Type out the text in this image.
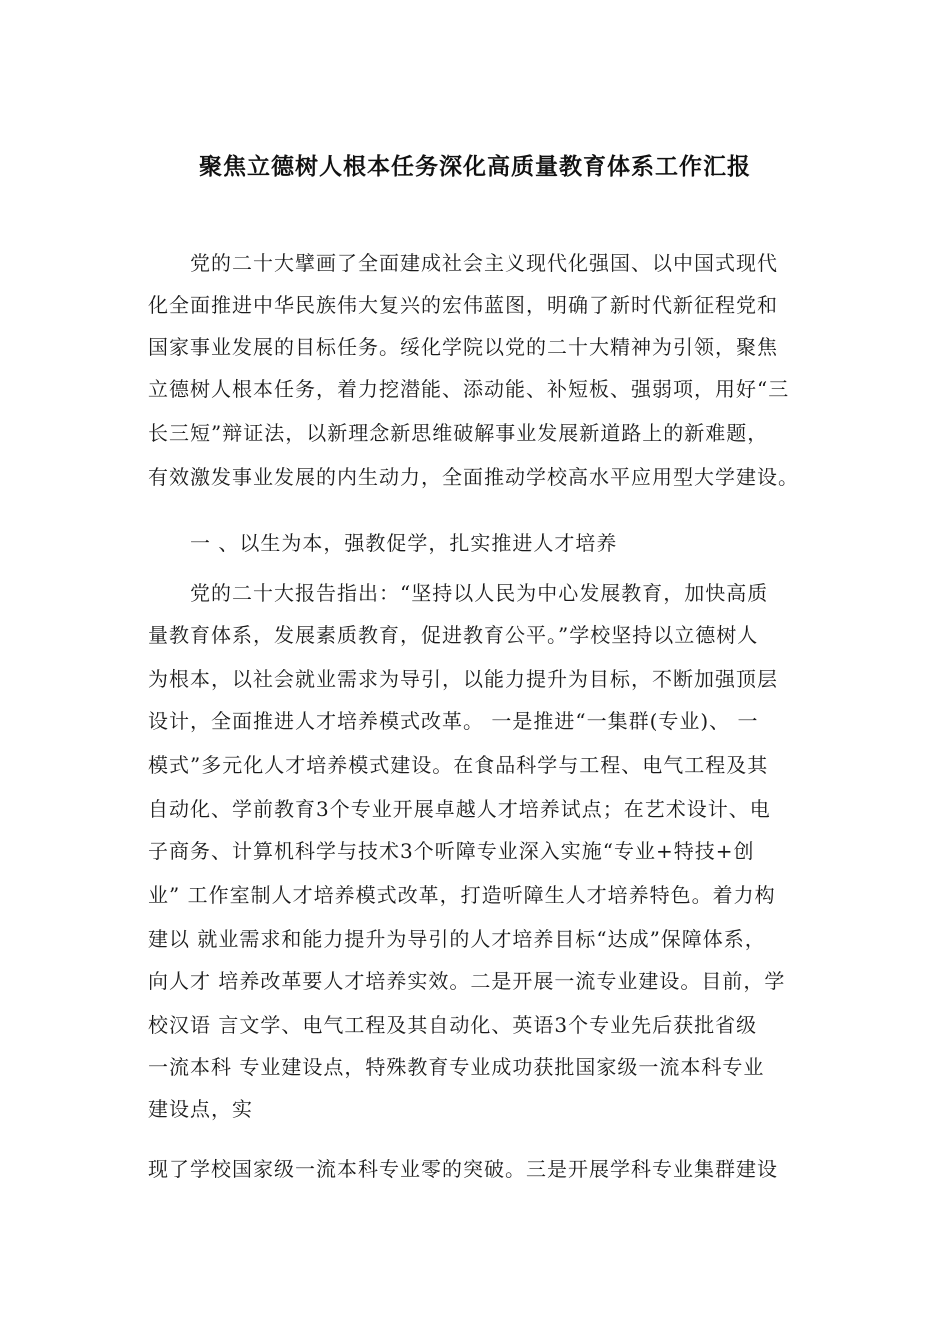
聚焦立德树人根本任务深化高质量教育体系工作汇报
党的二十大擘画了全面建成社会主义现代化强国、以中国式现代
化全面推进中华民族伟大复兴的宏伟蓝图，明确了新时代新征程党和
国家事业发展的目标任务。绥化学院以党的二十大精神为引领，聚焦
立德树人根本任务，着力挖潜能、添动能、补短板、强弱项，用好“三
长三短”辩证法，以新理念新思维破解事业发展新道路上的新难题，
有效激发事业发展的内生动力，全面推动学校高水平应用型大学建设。
一 、以生为本，强教促学，扎实推进人才培养
党的二十大报告指出：“坚持以人民为中心发展教育，加快高质
量教育体系，发展素质教育，促进教育公平。”学校坚持以立德树人
为根本，以社会就业需求为导引，以能力提升为目标，不断加强顶层
设计，全面推进人才培养模式改革。 一是推进“一集群(专业)、 一
模式”多元化人才培养模式建设。在食品科学与工程、电气工程及其
自动化、学前教育3个专业开展卓越人才培养试点；在艺术设计、电
子商务、计算机科学与技术3个听障专业深入实施“专业+特技+创
业” 工作室制人才培养模式改革，打造听障生人才培养特色。着力构
建以 就业需求和能力提升为导引的人才培养目标“达成”保障体系，
向人才 培养改革要人才培养实效。二是开展一流专业建设。目前，学
校汉语 言文学、电气工程及其自动化、英语3个专业先后获批省级
一流本科 专业建设点，特殊教育专业成功获批国家级一流本科专业
建设点，实
现了学校国家级一流本科专业零的突破。三是开展学科专业集群建设
